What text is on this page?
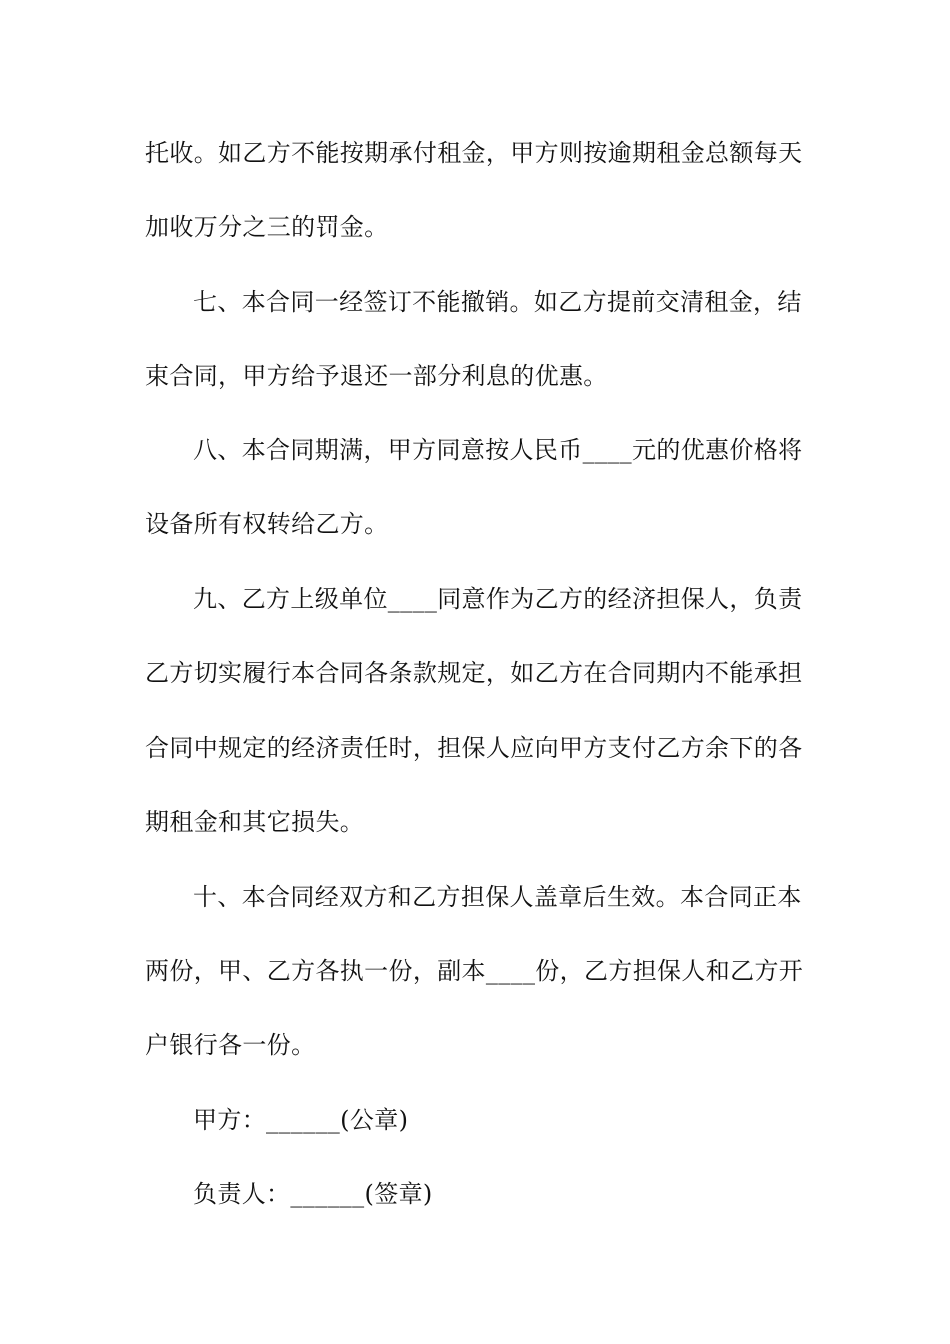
托收。如乙方不能按期承付租金，甲方则按逾期租金总额每天
加收万分之三的罚金。
七、本合同一经签订不能撤销。如乙方提前交清租金，结
束合同，甲方给予退还一部分利息的优惠。
八、本合同期满，甲方同意按人民币____元的优惠价格将
设备所有权转给乙方。
九、乙方上级单位____同意作为乙方的经济担保人，负责
乙方切实履行本合同各条款规定，如乙方在合同期内不能承担
合同中规定的经济责任时，担保人应向甲方支付乙方余下的各
期租金和其它损失。
十、本合同经双方和乙方担保人盖章后生效。本合同正本
两份，甲、乙方各执一份，副本____份，乙方担保人和乙方开
户银行各一份。
甲方：______(公章)
负责人：______(签章)
